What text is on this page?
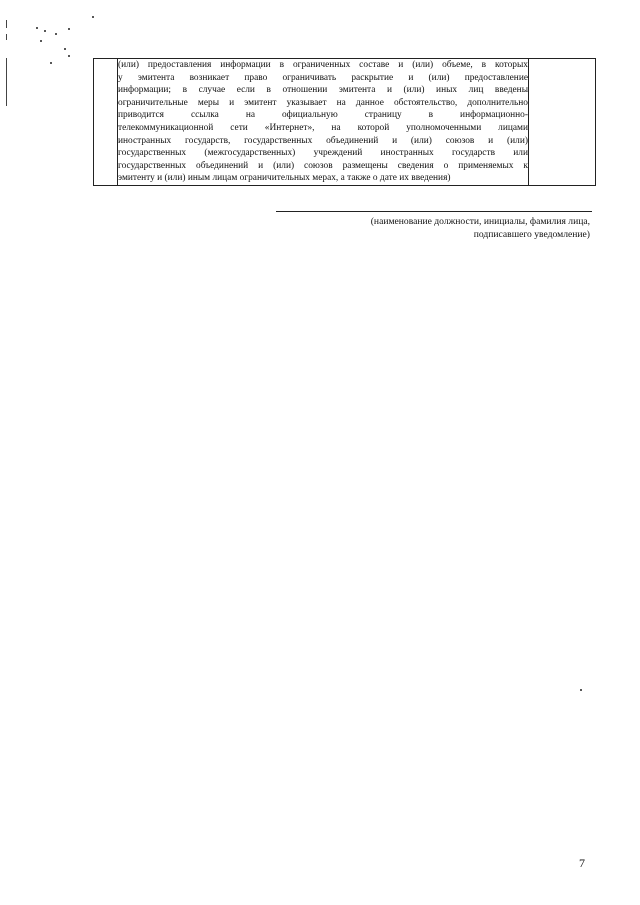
(или) предоставления информации в ограниченных составе и (или) объеме, в которых
у эмитента возникает право ограничивать раскрытие и (или) предоставление
информации; в случае если в отношении эмитента и (или) иных лиц введены
ограничительные меры и эмитент указывает на данное обстоятельство, дополнительно
приводится ссылка на официальную страницу в информационно-
телекоммуникационной сети «Интернет», на которой уполномоченными лицами
иностранных государств, государственных объединений и (или) союзов и (или)
государственных (межгосударственных) учреждений иностранных государств или
государственных объединений и (или) союзов размещены сведения о применяемых к
эмитенту и (или) иным лицам ограничительных мерах, а также о дате их введения)

(наименование должности, инициалы, фамилия лица,
подписавшего уведомление)
7
